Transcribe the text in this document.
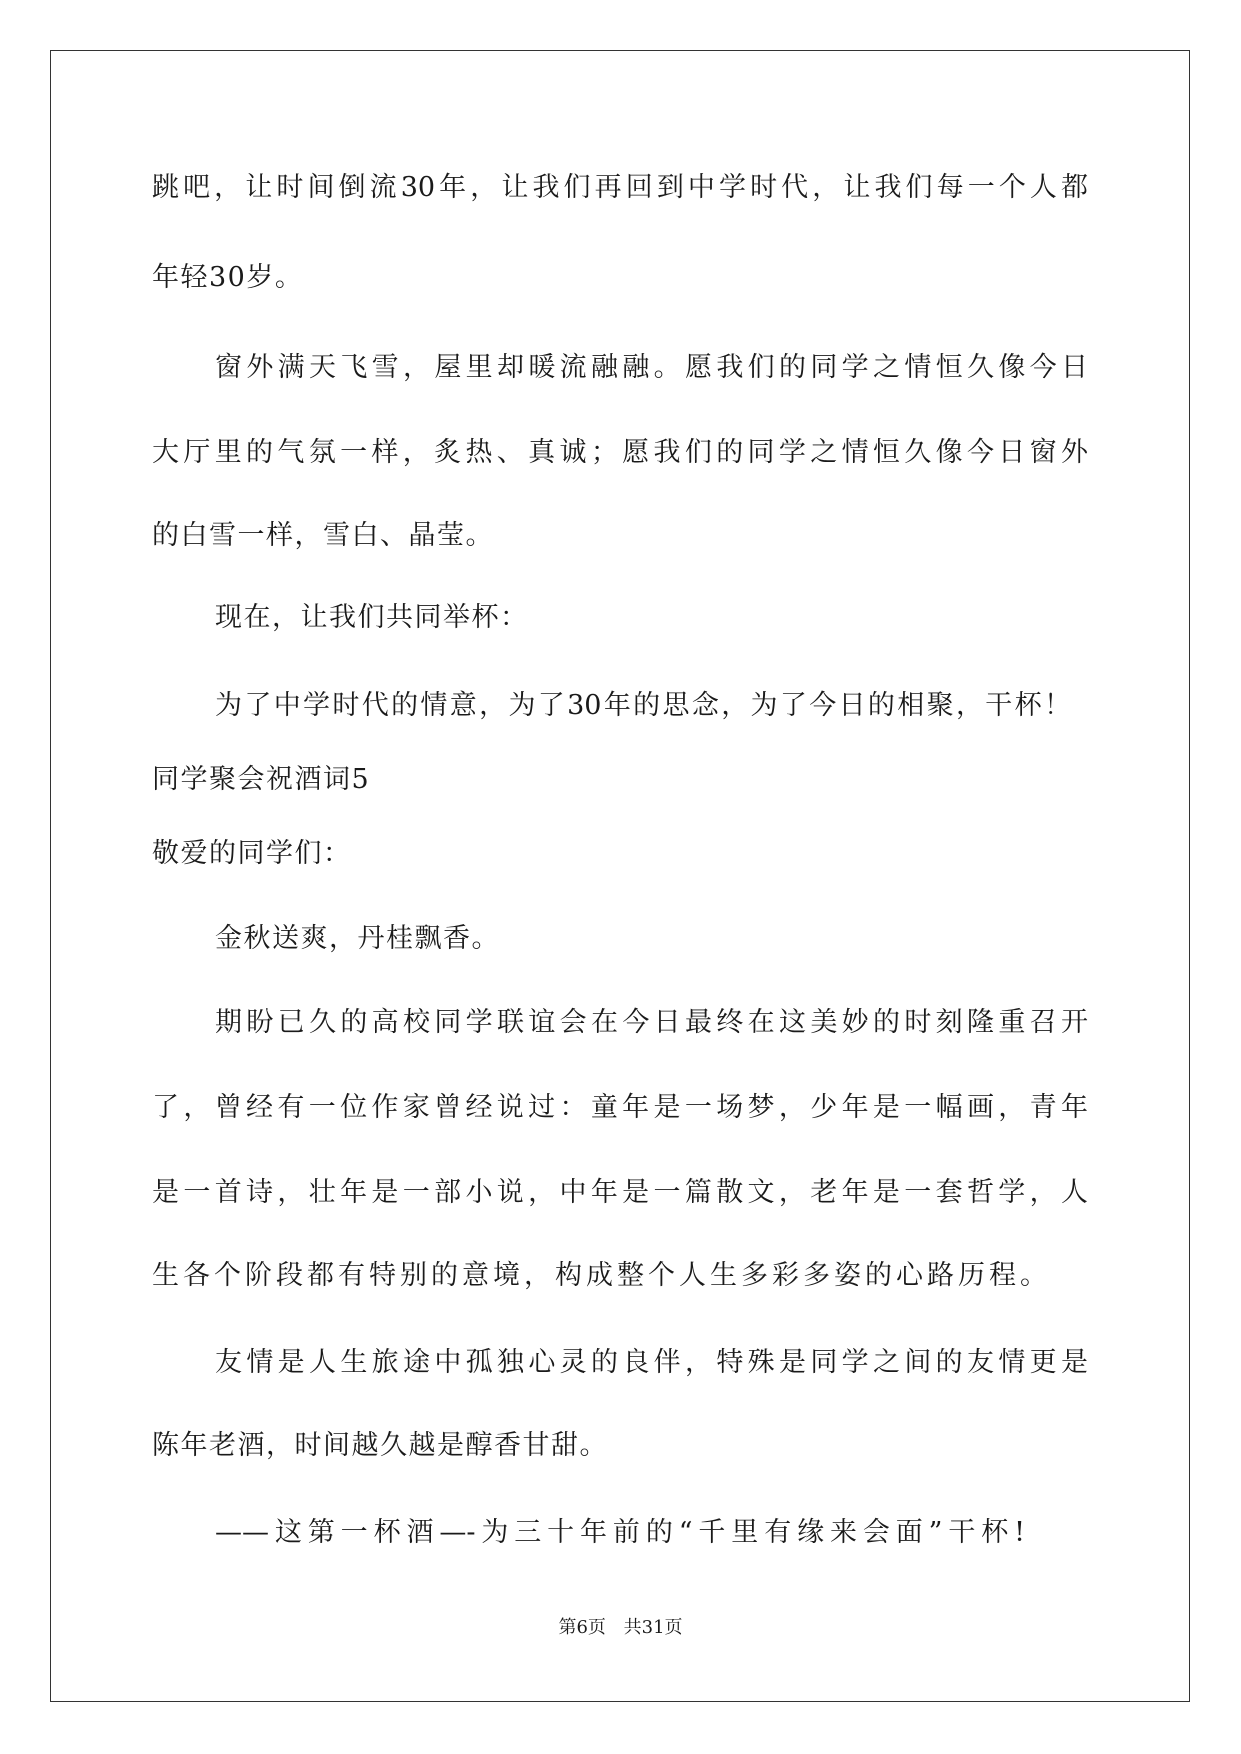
跳吧，让时间倒流30年，让我们再回到中学时代，让我们每一个人都
年轻30岁。
窗外满天飞雪，屋里却暖流融融。愿我们的同学之情恒久像今日
大厅里的气氛一样，炙热、真诚；愿我们的同学之情恒久像今日窗外
的白雪一样，雪白、晶莹。
现在，让我们共同举杯：
为了中学时代的情意，为了30年的思念，为了今日的相聚，干杯！
同学聚会祝酒词5
敬爱的同学们：
金秋送爽，丹桂飘香。
期盼已久的高校同学联谊会在今日最终在这美妙的时刻隆重召开
了，曾经有一位作家曾经说过：童年是一场梦，少年是一幅画，青年
是一首诗，壮年是一部小说，中年是一篇散文，老年是一套哲学，人
生各个阶段都有特别的意境，构成整个人生多彩多姿的心路历程。
友情是人生旅途中孤独心灵的良伴，特殊是同学之间的友情更是
陈年老酒，时间越久越是醇香甘甜。
——这第一杯酒—-为三十年前的“千里有缘来会面”干杯!
第6页 共31页
